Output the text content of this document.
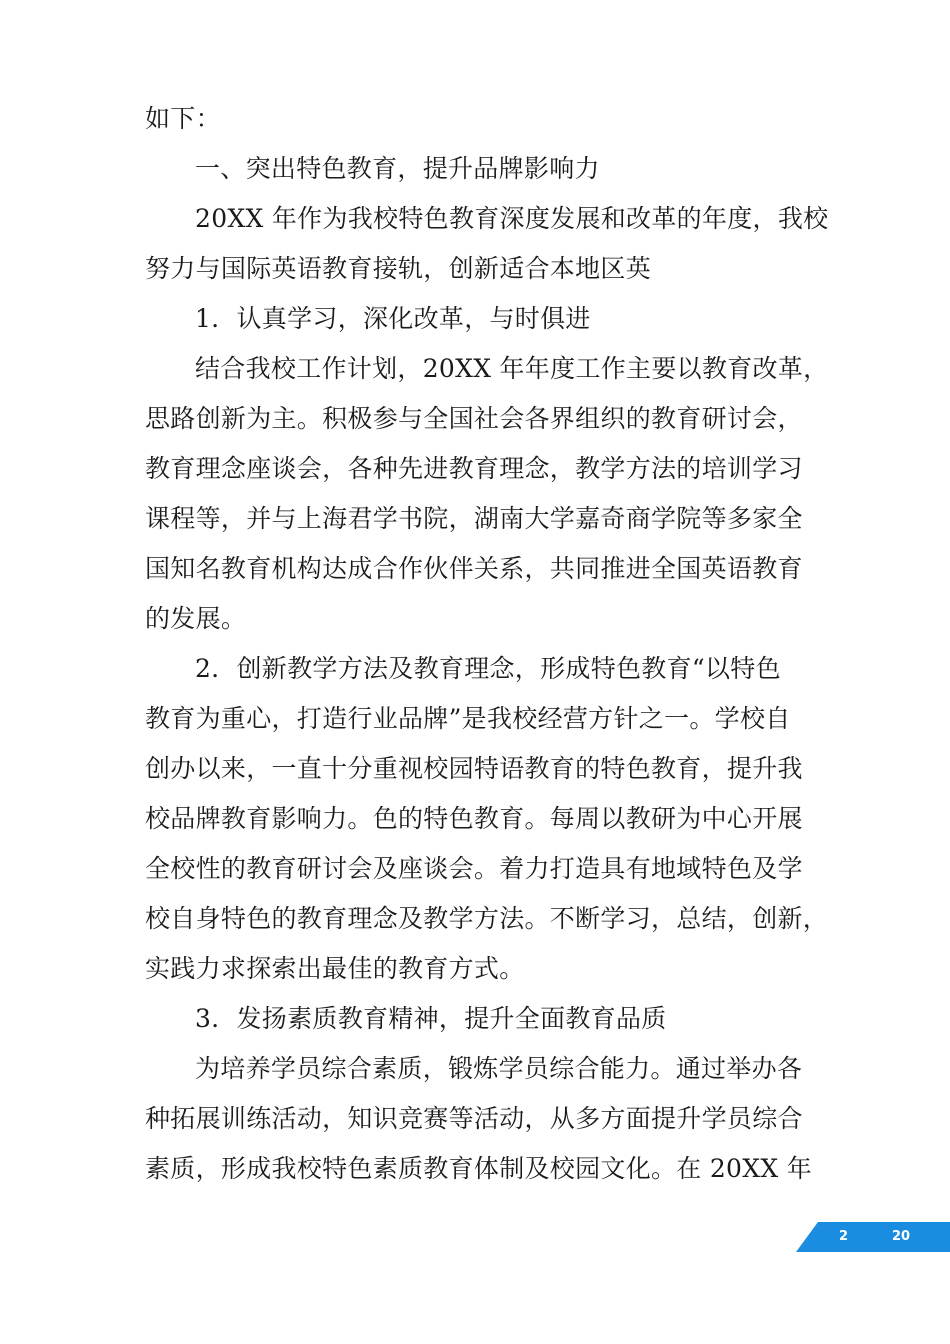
如下：
一、突出特色教育，提升品牌影响力
20XX 年作为我校特色教育深度发展和改革的年度，我校
努力与国际英语教育接轨，创新适合本地区英
1．认真学习，深化改革，与时俱进
结合我校工作计划，20XX 年年度工作主要以教育改革，
思路创新为主。积极参与全国社会各界组织的教育研讨会，
教育理念座谈会，各种先进教育理念，教学方法的培训学习
课程等，并与上海君学书院，湖南大学嘉奇商学院等多家全
国知名教育机构达成合作伙伴关系，共同推进全国英语教育
的发展。
2．创新教学方法及教育理念，形成特色教育“以特色
教育为重心，打造行业品牌”是我校经营方针之一。学校自
创办以来，一直十分重视校园特语教育的特色教育，提升我
校品牌教育影响力。色的特色教育。每周以教研为中心开展
全校性的教育研讨会及座谈会。着力打造具有地域特色及学
校自身特色的教育理念及教学方法。不断学习，总结，创新，
实践力求探索出最佳的教育方式。
3．发扬素质教育精神，提升全面教育品质
为培养学员综合素质，锻炼学员综合能力。通过举办各
种拓展训练活动，知识竞赛等活动，从多方面提升学员综合
素质，形成我校特色素质教育体制及校园文化。在 20XX 年
2	20
